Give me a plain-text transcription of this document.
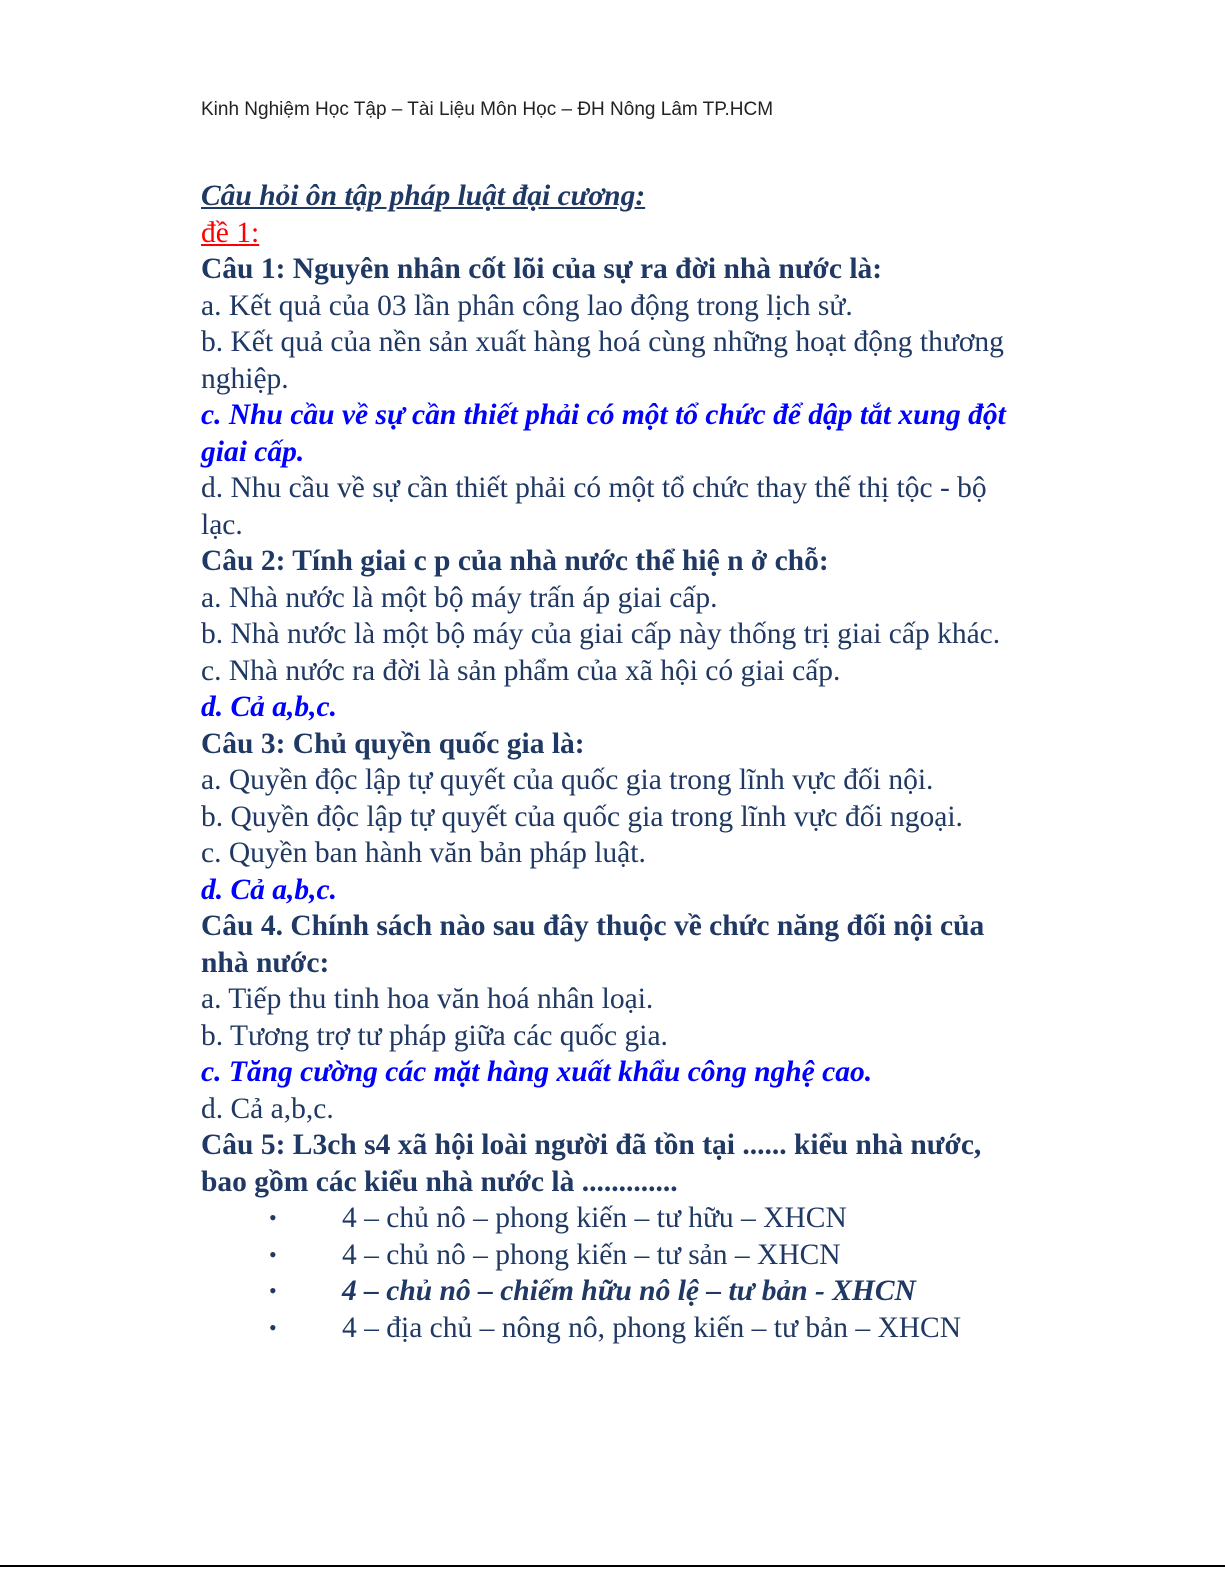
Kinh Nghiệm Học Tập – Tài Liệu Môn Học – ĐH Nông Lâm TP.HCM
Câu hỏi ôn tập pháp luật đại cương:
đề 1:
Câu 1: Nguyên nhân cốt lõi của sự ra đời nhà nước là:
a. Kết quả của 03 lần phân công lao động trong lịch sử.
b. Kết quả của nền sản xuất hàng hoá cùng những hoạt động thương nghiệp.
c. Nhu cầu về sự cần thiết phải có một tổ chức để dập tắt xung đột giai cấp.
d. Nhu cầu về sự cần thiết phải có một tổ chức thay thế thị tộc - bộ lạc.
Câu 2: Tính giai c p của nhà nước thể hiệ n ở chỗ:
a. Nhà nước là một bộ máy trấn áp giai cấp.
b. Nhà nước là một bộ máy của giai cấp này thống trị giai cấp khác.
c. Nhà nước ra đời là sản phẩm của xã hội có giai cấp.
d. Cả a,b,c.
Câu 3: Chủ quyền quốc gia là:
a. Quyền độc lập tự quyết của quốc gia trong lĩnh vực đối nội.
b. Quyền độc lập tự quyết của quốc gia trong lĩnh vực đối ngoại.
c. Quyền ban hành văn bản pháp luật.
d. Cả a,b,c.
Câu 4. Chính sách nào sau đây thuộc về chức năng đối nội của nhà nước:
a. Tiếp thu tinh hoa văn hoá nhân loại.
b. Tương trợ tư pháp giữa các quốc gia.
c. Tăng cường các mặt hàng xuất khẩu công nghệ cao.
d. Cả a,b,c.
Câu 5: L3ch s4 xã hội loài người đã tồn tại ...... kiểu nhà nước, bao gồm các kiểu nhà nước là .............
• 4 – chủ nô – phong kiến – tư hữu – XHCN
• 4 – chủ nô – phong kiến – tư sản – XHCN
• 4 – chủ nô – chiếm hữu nô lệ – tư bản - XHCN
• 4 – địa chủ – nông nô, phong kiến – tư bản – XHCN
